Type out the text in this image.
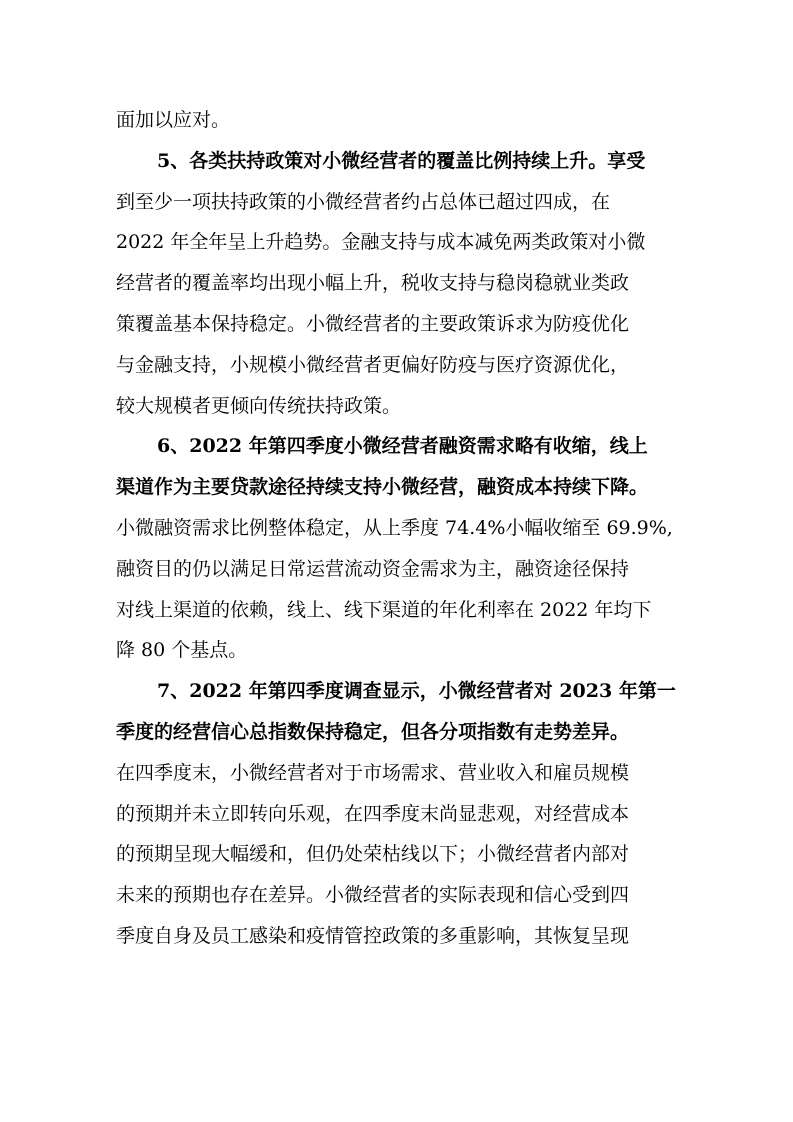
面加以应对。

5、各类扶持政策对小微经营者的覆盖比例持续上升。享受

到至少一项扶持政策的小微经营者约占总体已超过四成，在

2022 年全年呈上升趋势。金融支持与成本减免两类政策对小微

经营者的覆盖率均出现小幅上升，税收支持与稳岗稳就业类政

策覆盖基本保持稳定。小微经营者的主要政策诉求为防疫优化

与金融支持，小规模小微经营者更偏好防疫与医疗资源优化，

较大规模者更倾向传统扶持政策。

6、2022 年第四季度小微经营者融资需求略有收缩，线上

渠道作为主要贷款途径持续支持小微经营，融资成本持续下降。

小微融资需求比例整体稳定，从上季度 74.4%小幅收缩至 69.9%,

融资目的仍以满足日常运营流动资金需求为主，融资途径保持

对线上渠道的依赖，线上、线下渠道的年化利率在 2022 年均下

降 80 个基点。

7、2022 年第四季度调查显示，小微经营者对 2023 年第一

季度的经营信心总指数保持稳定，但各分项指数有走势差异。

在四季度末，小微经营者对于市场需求、营业收入和雇员规模

的预期并未立即转向乐观，在四季度末尚显悲观，对经营成本

的预期呈现大幅缓和，但仍处荣枯线以下；小微经营者内部对

未来的预期也存在差异。小微经营者的实际表现和信心受到四

季度自身及员工感染和疫情管控政策的多重影响，其恢复呈现
